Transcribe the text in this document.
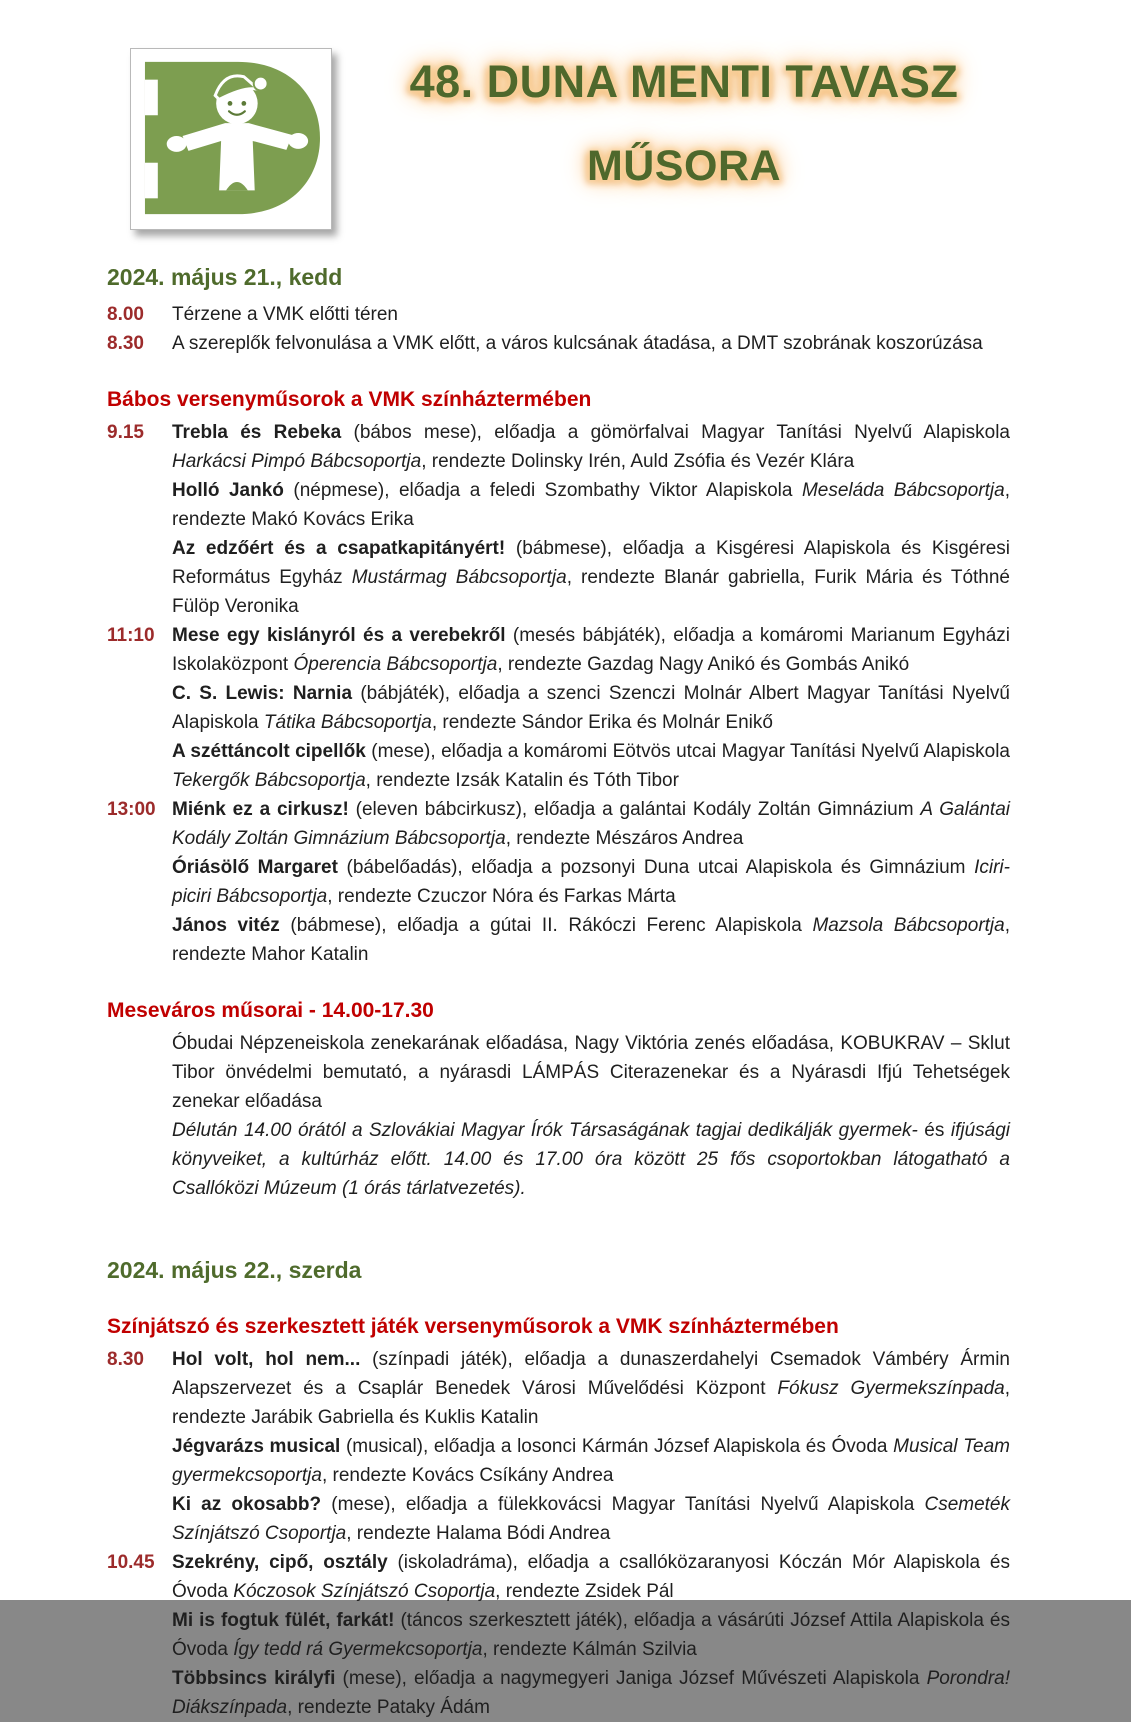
48. DUNA MENTI TAVASZ
MŰSORA
2024. május 21., kedd
8.00	Térzene a VMK előtti téren
8.30	A szereplők felvonulása a VMK előtt, a város kulcsának átadása, a DMT szobrának koszorúzása
Bábos versenyműsorok a VMK színháztermében
9.15	Trebla és Rebeka (bábos mese), előadja a gömörfalvai Magyar Tanítási Nyelvű Alapiskola Harkácsi Pimpó Bábcsoportja, rendezte Dolinsky Irén, Auld Zsófia és Vezér Klára
Holló Jankó (népmese), előadja a feledi Szombathy Viktor Alapiskola Meseláda Bábcsoportja, rendezte Makó Kovács Erika
Az edzőért és a csapatkapitányért! (bábmese), előadja a Kisgéresi Alapiskola és Kisgéresi Református Egyház Mustármag Bábcsoportja, rendezte Blanár gabriella, Furik Mária és Tóthné Fülöp Veronika
11:10 Mese egy kislányról és a verebekről (mesés bábjáték), előadja a komáromi Marianum Egyházi Iskolaközpont Óperencia Bábcsoportja, rendezte Gazdag Nagy Anikó és Gombás Anikó
C. S. Lewis: Narnia (bábjáték), előadja a szenci Szenczi Molnár Albert Magyar Tanítási Nyelvű Alapiskola Tátika Bábcsoportja, rendezte Sándor Erika és Molnár Enikő
A széttáncolt cipellők (mese), előadja a komáromi Eötvös utcai Magyar Tanítási Nyelvű Alapiskola Tekergők Bábcsoportja, rendezte Izsák Katalin és Tóth Tibor
13:00 Miénk ez a cirkusz! (eleven bábcirkusz), előadja a galántai Kodály Zoltán Gimnázium A Galántai Kodály Zoltán Gimnázium Bábcsoportja, rendezte Mészáros Andrea
Óriásölő Margaret (bábelőadás), előadja a pozsonyi Duna utcai Alapiskola és Gimnázium Iciri-piciri Bábcsoportja, rendezte Czuczor Nóra és Farkas Márta
János vitéz (bábmese), előadja a gútai II. Rákóczi Ferenc Alapiskola Mazsola Bábcsoportja, rendezte Mahor Katalin
Meseváros műsorai - 14.00-17.30
Óbudai Népzeneiskola zenekarának előadása, Nagy Viktória zenés előadása, KOBUKRAV – Sklut Tibor önvédelmi bemutató, a nyárasdi LÁMPÁS Citerazenekar és a Nyárasdi Ifjú Tehetségek zenekar előadása
Délután 14.00 órától a Szlovákiai Magyar Írók Társaságának tagjai dedikálják gyermek- és ifjúsági könyveiket, a kultúrház előtt. 14.00 és 17.00 óra között 25 fős csoportokban látogatható a Csallóközi Múzeum (1 órás tárlatvezetés).
2024. május 22., szerda
Színjátszó és szerkesztett játék versenyműsorok a VMK színháztermében
8.30	Hol volt, hol nem... (színpadi játék), előadja a dunaszerdahelyi Csemadok Vámbéry Ármin Alapszervezet és a Csaplár Benedek Városi Művelődési Központ Fókusz Gyermekszínpada, rendezte Jarábik Gabriella és Kuklis Katalin
Jégvarázs musical (musical), előadja a losonci Kármán József Alapiskola és Óvoda Musical Team gyermekcsoportja, rendezte Kovács Csíkány Andrea
Ki az okosabb? (mese), előadja a fülekkovácsi Magyar Tanítási Nyelvű Alapiskola Csemeték Színjátszó Csoportja, rendezte Halama Bódi Andrea
10.45 Szekrény, cipő, osztály (iskoladráma), előadja a csallóközaranyosi Kóczán Mór Alapiskola és Óvoda Kóczosok Színjátszó Csoportja, rendezte Zsidek Pál
Mi is fogtuk fülét, farkát! (táncos szerkesztett játék), előadja a vásárúti József Attila Alapiskola és Óvoda Így tedd rá Gyermekcsoportja, rendezte Kálmán Szilvia
Többsincs királyfi (mese), előadja a nagymegyeri Janiga József Művészeti Alapiskola Porondra! Diákszínpada, rendezte Pataky Ádám
